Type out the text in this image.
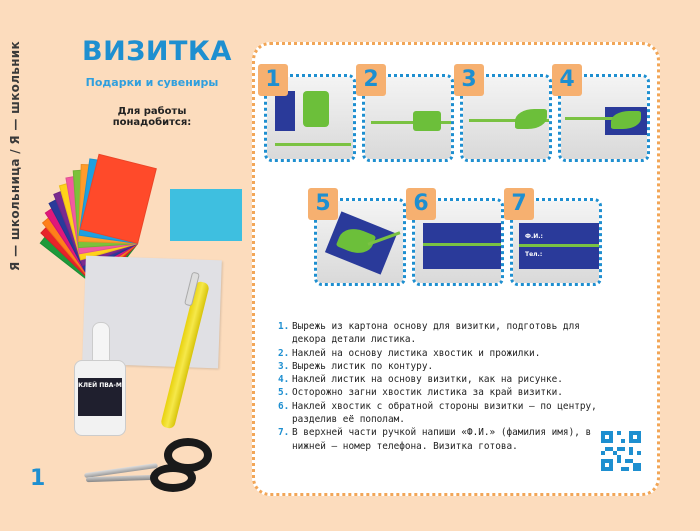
Я — школьница / Я — школьник ВИЗИТКА
Подарки и сувениры
Для работы понадобится:
КЛЕЙ ПВА-М
1
1	2	3	4
5	6
Ф.И.:
Тел.:
7
1. Вырежь из картона основу для визитки, подготовь для декора детали листика.
2. Наклей на основу листика хвостик и прожилки.
3. Вырежь листик по контуру.
4. Наклей листик на основу визитки, как на рисунке.
5. Осторожно загни хвостик листика за край визитки.
6. Наклей хвостик с обратной стороны визитки — по центру, разделив её пополам.
7. В верхней части ручкой напиши «Ф.И.» (фамилия имя), в нижней — номер телефона. Визитка готова.
